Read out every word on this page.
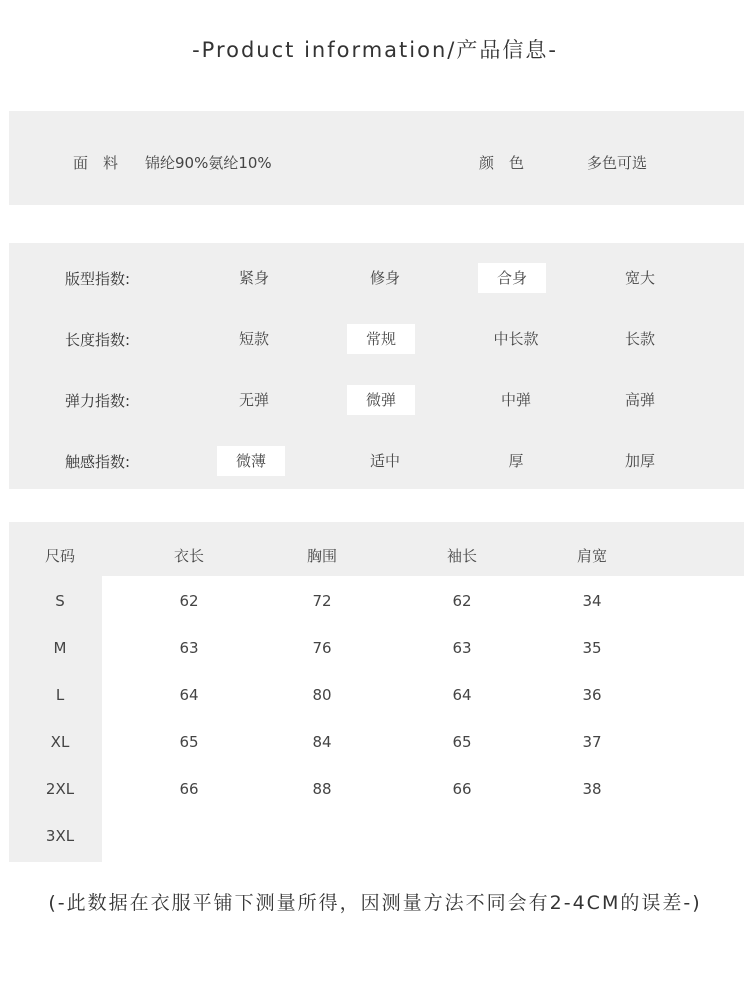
-Product information/产品信息-
面　料 锦纶90%氨纶10%	颜　色	多色可选
版型指数:	紧身	修身	合身	宽大
长度指数:	短款	常规	中长款	长款
弹力指数:	无弹	微弹	中弹	高弹
触感指数:	微薄	适中	厚	加厚
尺码	衣长	胸围	袖长	肩宽
S	62	72	62	34
M	63	76	63	35
L	64	80	64	36
XL	65	84	65	37
2XL	66	88	66	38
3XL
(-此数据在衣服平铺下测量所得，因测量方法不同会有2-4CM的误差-)
